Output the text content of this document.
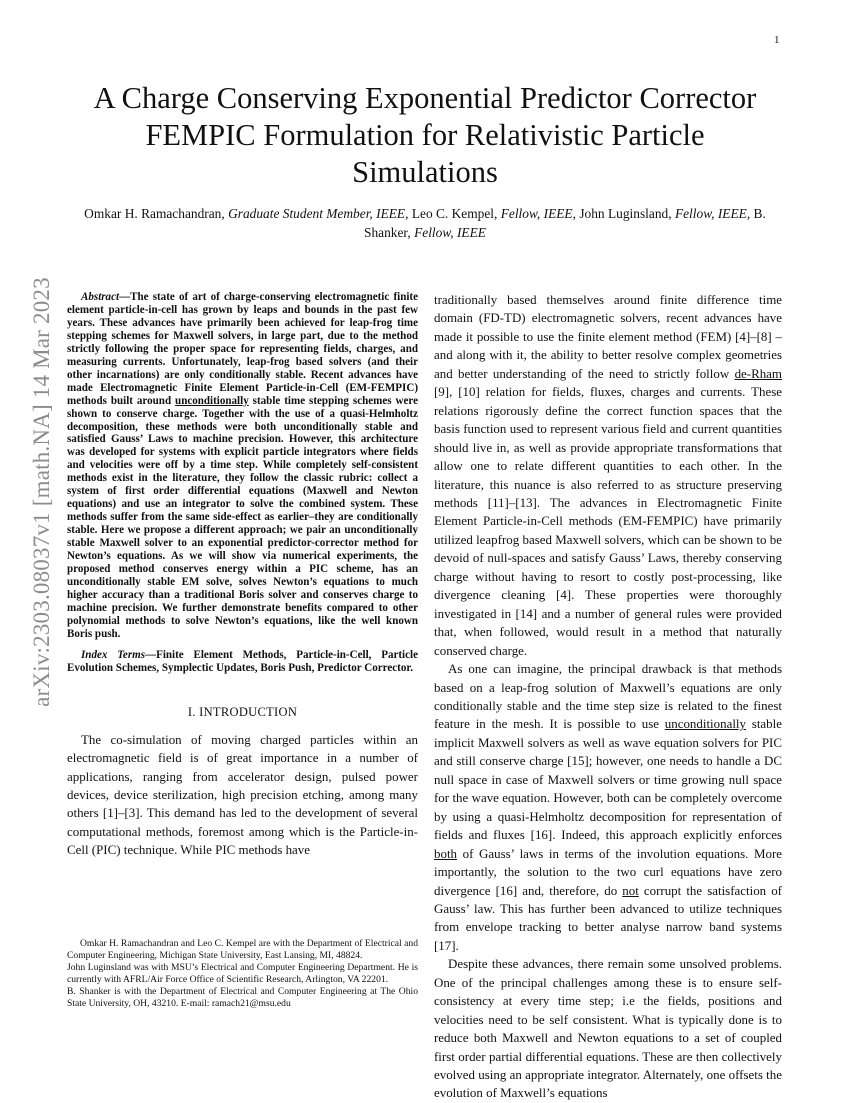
1
arXiv:2303.08037v1 [math.NA] 14 Mar 2023
A Charge Conserving Exponential Predictor Corrector FEMPIC Formulation for Relativistic Particle Simulations

Omkar H. Ramachandran, Graduate Student Member, IEEE, Leo C. Kempel, Fellow, IEEE, John Luginsland, Fellow, IEEE, B. Shanker, Fellow, IEEE

Abstract—The state of art of charge-conserving electromagnetic finite element particle-in-cell has grown by leaps and bounds in the past few years. These advances have primarily been achieved for leap-frog time stepping schemes for Maxwell solvers, in large part, due to the method strictly following the proper space for representing fields, charges, and measuring currents. Unfortunately, leap-frog based solvers (and their other incarnations) are only conditionally stable. Recent advances have made Electromagnetic Finite Element Particle-in-Cell (EM-FEMPIC) methods built around unconditionally stable time stepping schemes were shown to conserve charge. Together with the use of a quasi-Helmholtz decomposition, these methods were both unconditionally stable and satisfied Gauss’ Laws to machine precision. However, this architecture was developed for systems with explicit particle integrators where fields and velocities were off by a time step. While completely self-consistent methods exist in the literature, they follow the classic rubric: collect a system of first order differential equations (Maxwell and Newton equations) and use an integrator to solve the combined system. These methods suffer from the same side-effect as earlier–they are conditionally stable. Here we propose a different approach; we pair an unconditionally stable Maxwell solver to an exponential predictor-corrector method for Newton’s equations. As we will show via numerical experiments, the proposed method conserves energy within a PIC scheme, has an unconditionally stable EM solve, solves Newton’s equations to much higher accuracy than a traditional Boris solver and conserves charge to machine precision. We further demonstrate benefits compared to other polynomial methods to solve Newton’s equations, like the well known Boris push.

Index Terms—Finite Element Methods, Particle-in-Cell, Particle Evolution Schemes, Symplectic Updates, Boris Push, Predictor Corrector.

I. INTRODUCTION

The co-simulation of moving charged particles within an electromagnetic field is of great importance in a number of applications, ranging from accelerator design, pulsed power devices, device sterilization, high precision etching, among many others [1]–[3]. This demand has led to the development of several computational methods, foremost among which is the Particle-in-Cell (PIC) technique. While PIC methods have

Omkar H. Ramachandran and Leo C. Kempel are with the Department of Electrical and Computer Engineering, Michigan State University, East Lansing, MI, 48824.

John Luginsland was with MSU’s Electrical and Computer Engineering Department. He is currently with AFRL/Air Force Office of Scientific Research, Arlington, VA 22201.

B. Shanker is with the Department of Electrical and Computer Engineering at The Ohio State University, OH, 43210. E-mail: ramach21@msu.edu

traditionally based themselves around finite difference time domain (FD-TD) electromagnetic solvers, recent advances have made it possible to use the finite element method (FEM) [4]–[8] – and along with it, the ability to better resolve complex geometries and better understanding of the need to strictly follow de-Rham [9], [10] relation for fields, fluxes, charges and currents. These relations rigorously define the correct function spaces that the basis function used to represent various field and current quantities should live in, as well as provide appropriate transformations that allow one to relate different quantities to each other. In the literature, this nuance is also referred to as structure preserving methods [11]–[13]. The advances in Electromagnetic Finite Element Particle-in-Cell methods (EM-FEMPIC) have primarily utilized leapfrog based Maxwell solvers, which can be shown to be devoid of null-spaces and satisfy Gauss’ Laws, thereby conserving charge without having to resort to costly post-processing, like divergence cleaning [4]. These properties were thoroughly investigated in [14] and a number of general rules were provided that, when followed, would result in a method that naturally conserved charge.

As one can imagine, the principal drawback is that methods based on a leap-frog solution of Maxwell’s equations are only conditionally stable and the time step size is related to the finest feature in the mesh. It is possible to use unconditionally stable implicit Maxwell solvers as well as wave equation solvers for PIC and still conserve charge [15]; however, one needs to handle a DC null space in case of Maxwell solvers or time growing null space for the wave equation. However, both can be completely overcome by using a quasi-Helmholtz decomposition for representation of fields and fluxes [16]. Indeed, this approach explicitly enforces both of Gauss’ laws in terms of the involution equations. More importantly, the solution to the two curl equations have zero divergence [16] and, therefore, do not corrupt the satisfaction of Gauss’ law. This has further been advanced to utilize techniques from envelope tracking to better analyse narrow band systems [17].

Despite these advances, there remain some unsolved problems. One of the principal challenges among these is to ensure self-consistency at every time step; i.e the fields, positions and velocities need to be self consistent. What is typically done is to reduce both Maxwell and Newton equations to a set of coupled first order partial differential equations. These are then collectively evolved using an appropriate integrator. Alternately, one offsets the evolution of Maxwell’s equations
